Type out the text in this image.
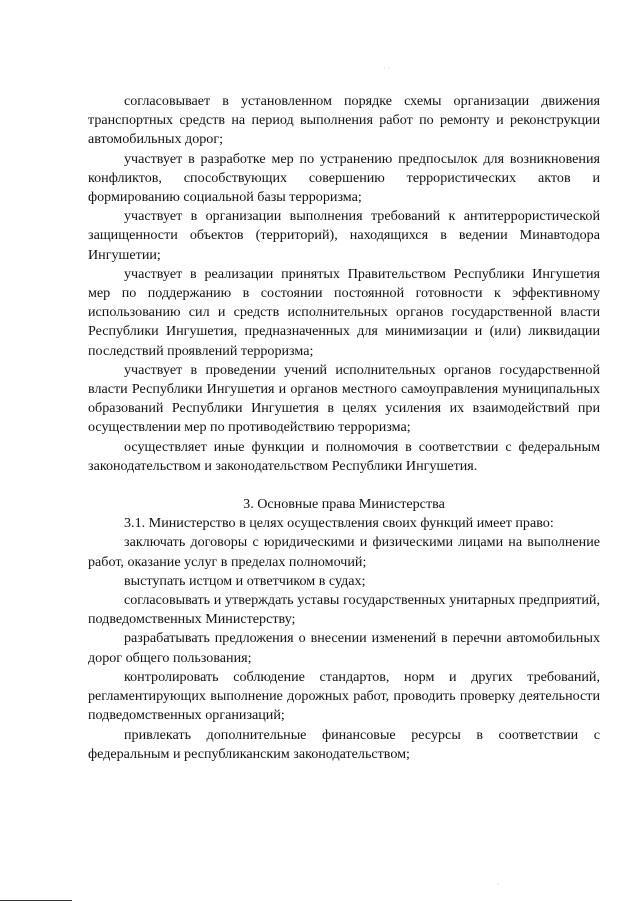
· ·
·

согласовывает в установленном порядке схемы организации движения транспортных средств на период выполнения работ по ремонту и реконструкции автомобильных дорог;

участвует в разработке мер по устранению предпосылок для возникновения конфликтов, способствующих совершению террористических актов и формированию социальной базы терроризма;

участвует в организации выполнения требований к антитеррористической защищенности объектов (территорий), находящихся в ведении Минавтодора Ингушетии;

участвует в реализации принятых Правительством Республики Ингушетия мер по поддержанию в состоянии постоянной готовности к эффективному использованию сил и средств исполнительных органов государственной власти Республики Ингушетия, предназначенных для минимизации и (или) ликвидации последствий проявлений терроризма;

участвует в проведении учений исполнительных органов государственной власти Республики Ингушетия и органов местного самоуправления муниципальных образований Республики Ингушетия в целях усиления их взаимодействий при осуществлении мер по противодействию терроризма;

осуществляет иные функции и полномочия в соответствии с федеральным законодательством и законодательством Республики Ингушетия.

3. Основные права Министерства

3.1. Министерство в целях осуществления своих функций имеет право:

заключать договоры с юридическими и физическими лицами на выполнение работ, оказание услуг в пределах полномочий;

выступать истцом и ответчиком в судах;

согласовывать и утверждать уставы государственных унитарных предприятий, подведомственных Министерству;

разрабатывать предложения о внесении изменений в перечни автомобильных дорог общего пользования;

контролировать соблюдение стандартов, норм и других требований, регламентирующих выполнение дорожных работ, проводить проверку деятельности подведомственных организаций;

привлекать дополнительные финансовые ресурсы в соответствии с федеральным и республиканским законодательством;
